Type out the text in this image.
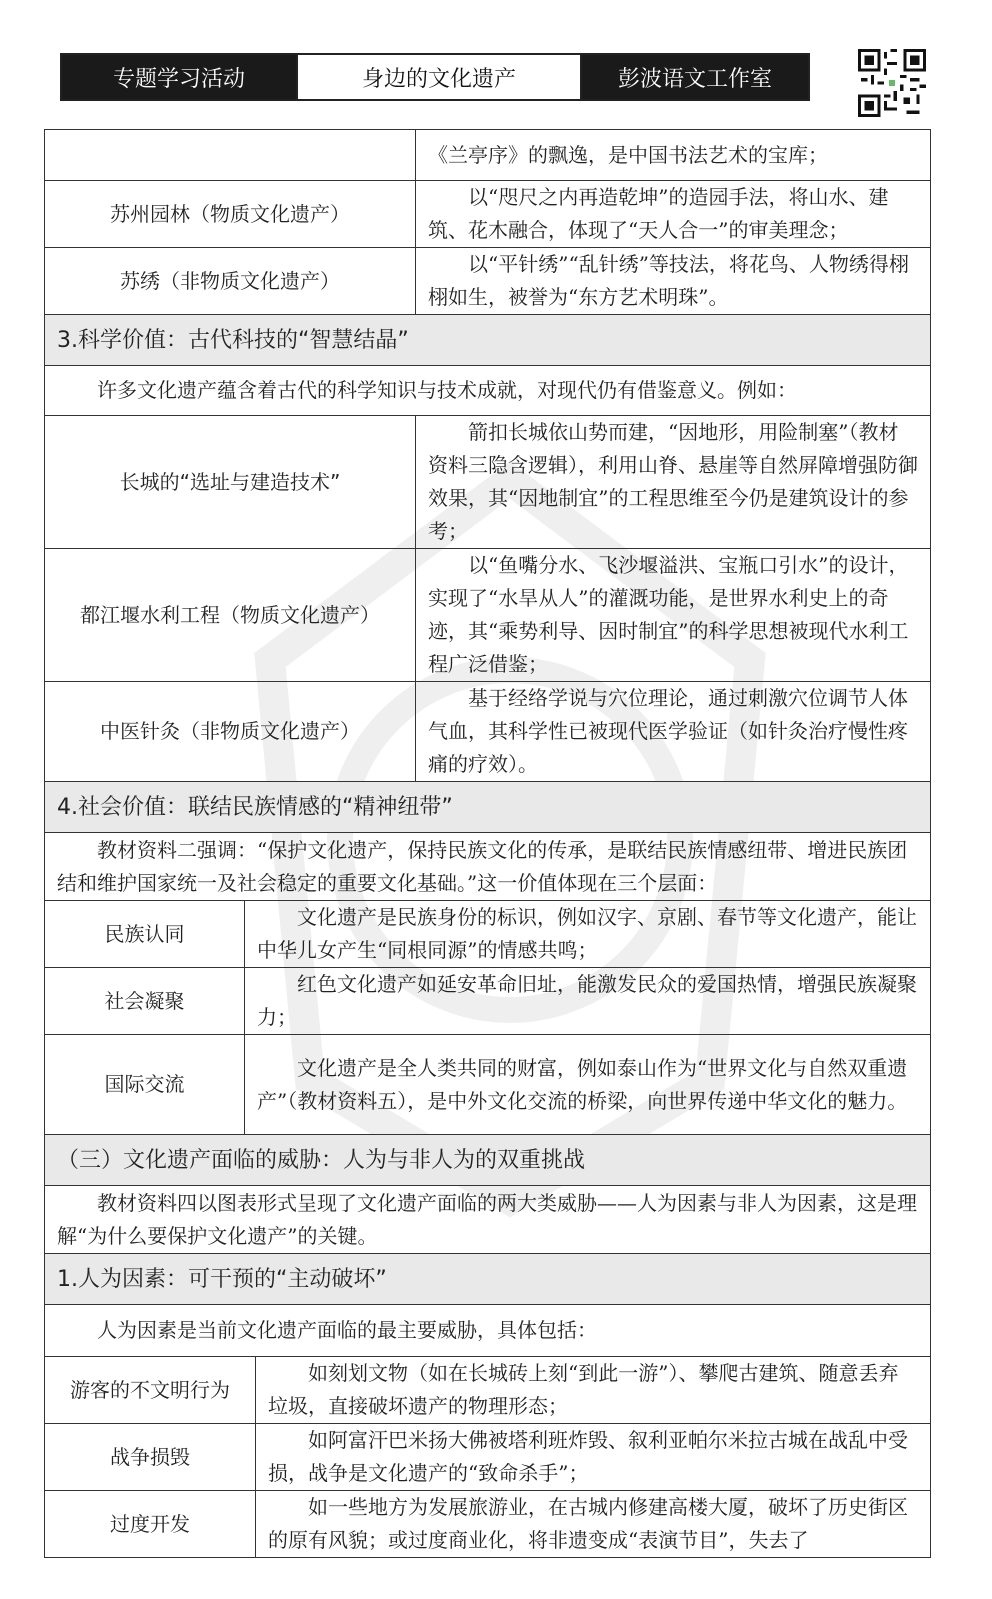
专题学习活动	身边的文化遗产	彭波语文工作室
			《兰亭序》的飘逸，是中国书法艺术的宝库；
苏州园林（物质文化遗产）			以“咫尺之内再造乾坤”的造园手法，将山水、建筑、花木融合，体现了“天人合一”的审美理念；
苏绣（非物质文化遗产）			以“平针绣”“乱针绣”等技法，将花鸟、人物绣得栩栩如生，被誉为“东方艺术明珠”。
3.科学价值：古代科技的“智慧结晶”			
许多文化遗产蕴含着古代的科学知识与技术成就，对现代仍有借鉴意义。例如：			
长城的“选址与建造技术”			箭扣长城依山势而建，“因地形，用险制塞”（教材资料三隐含逻辑），利用山脊、悬崖等自然屏障增强防御效果，其“因地制宜”的工程思维至今仍是建筑设计的参考；
都江堰水利工程（物质文化遗产）			以“鱼嘴分水、飞沙堰溢洪、宝瓶口引水”的设计，实现了“水旱从人”的灌溉功能，是世界水利史上的奇迹，其“乘势利导、因时制宜”的科学思想被现代水利工程广泛借鉴；
中医针灸（非物质文化遗产）			基于经络学说与穴位理论，通过刺激穴位调节人体气血，其科学性已被现代医学验证（如针灸治疗慢性疼痛的疗效）。
4.社会价值：联结民族情感的“精神纽带”			
教材资料二强调：“保护文化遗产，保持民族文化的传承，是联结民族情感纽带、增进民族团结和维护国家统一及社会稳定的重要文化基础。”这一价值体现在三个层面：			
民族认同	文化遗产是民族身份的标识，例如汉字、京剧、春节等文化遗产，能让中华儿女产生“同根同源”的情感共鸣；		
社会凝聚	红色文化遗产如延安革命旧址，能激发民众的爱国热情，增强民族凝聚力；		
国际交流	文化遗产是全人类共同的财富，例如泰山作为“世界文化与自然双重遗产”（教材资料五），是中外文化交流的桥梁，向世界传递中华文化的魅力。		
（三）文化遗产面临的威胁：人为与非人为的双重挑战			
教材资料四以图表形式呈现了文化遗产面临的两大类威胁——人为因素与非人为因素，这是理解“为什么要保护文化遗产”的关键。			
1.人为因素：可干预的“主动破坏”			
人为因素是当前文化遗产面临的最主要威胁，具体包括：			
游客的不文明行为		如刻划文物（如在长城砖上刻“到此一游”）、攀爬古建筑、随意丢弃垃圾，直接破坏遗产的物理形态；	
战争损毁		如阿富汗巴米扬大佛被塔利班炸毁、叙利亚帕尔米拉古城在战乱中受损，战争是文化遗产的“致命杀手”；	
过度开发		如一些地方为发展旅游业，在古城内修建高楼大厦，破坏了历史街区的原有风貌；或过度商业化，将非遗变成“表演节目”，失去了	
